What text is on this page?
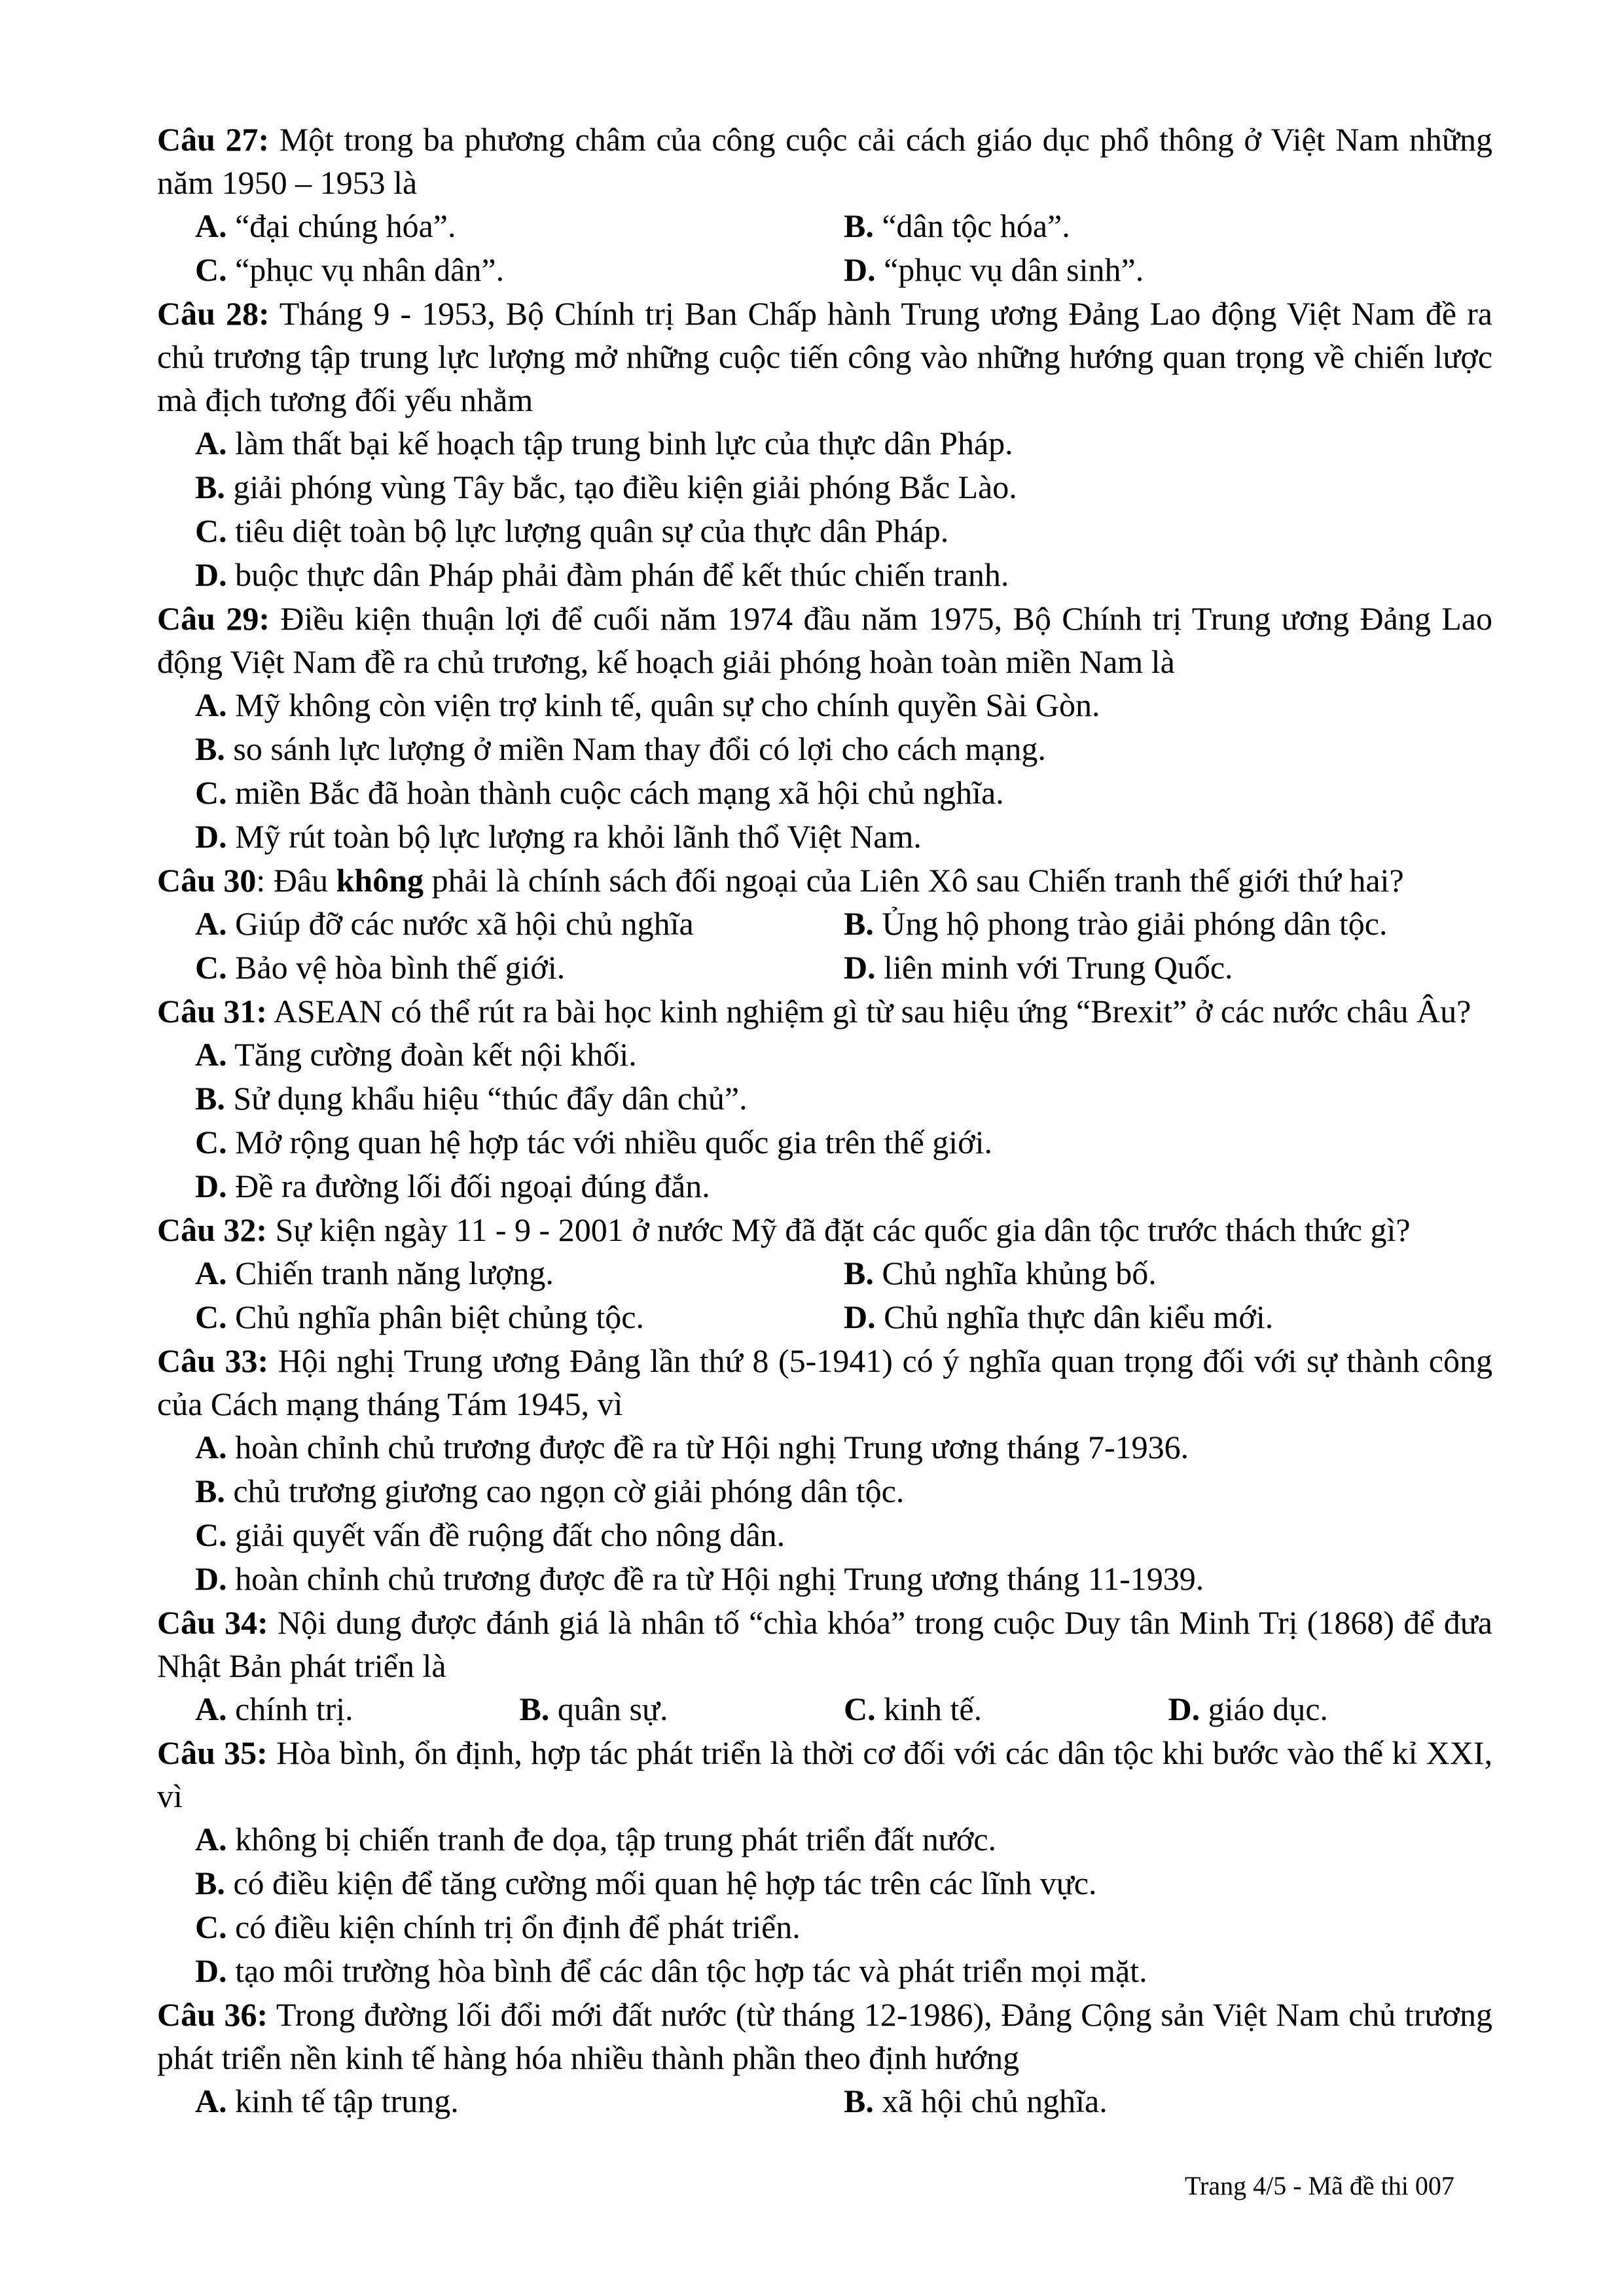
Câu 27: Một trong ba phương châm của công cuộc cải cách giáo dục phổ thông ở Việt Nam những năm 1950 – 1953 là
A. “đại chúng hóa”.	B. “dân tộc hóa”.
C. “phục vụ nhân dân”.	D. “phục vụ dân sinh”.
Câu 28: Tháng 9 - 1953, Bộ Chính trị Ban Chấp hành Trung ương Đảng Lao động Việt Nam đề ra chủ trương tập trung lực lượng mở những cuộc tiến công vào những hướng quan trọng về chiến lược mà địch tương đối yếu nhằm
A. làm thất bại kế hoạch tập trung binh lực của thực dân Pháp.
B. giải phóng vùng Tây bắc, tạo điều kiện giải phóng Bắc Lào.
C. tiêu diệt toàn bộ lực lượng quân sự của thực dân Pháp.
D. buộc thực dân Pháp phải đàm phán để kết thúc chiến tranh.
Câu 29: Điều kiện thuận lợi để cuối năm 1974 đầu năm 1975, Bộ Chính trị Trung ương Đảng Lao động Việt Nam đề ra chủ trương, kế hoạch giải phóng hoàn toàn miền Nam là
A. Mỹ không còn viện trợ kinh tế, quân sự cho chính quyền Sài Gòn.
B. so sánh lực lượng ở miền Nam thay đổi có lợi cho cách mạng.
C. miền Bắc đã hoàn thành cuộc cách mạng xã hội chủ nghĩa.
D. Mỹ rút toàn bộ lực lượng ra khỏi lãnh thổ Việt Nam.
Câu 30: Đâu không phải là chính sách đối ngoại của Liên Xô sau Chiến tranh thế giới thứ hai?
A. Giúp đỡ các nước xã hội chủ nghĩa	B. Ủng hộ phong trào giải phóng dân tộc.
C. Bảo vệ hòa bình thế giới.	D. liên minh với Trung Quốc.
Câu 31: ASEAN có thể rút ra bài học kinh nghiệm gì từ sau hiệu ứng “Brexit” ở các nước châu Âu?
A. Tăng cường đoàn kết nội khối.
B. Sử dụng khẩu hiệu “thúc đẩy dân chủ”.
C. Mở rộng quan hệ hợp tác với nhiều quốc gia trên thế giới.
D. Đề ra đường lối đối ngoại đúng đắn.
Câu 32: Sự kiện ngày 11 - 9 - 2001 ở nước Mỹ đã đặt các quốc gia dân tộc trước thách thức gì?
A. Chiến tranh năng lượng.	B. Chủ nghĩa khủng bố.
C. Chủ nghĩa phân biệt chủng tộc.	D. Chủ nghĩa thực dân kiểu mới.
Câu 33: Hội nghị Trung ương Đảng lần thứ 8 (5-1941) có ý nghĩa quan trọng đối với sự thành công của Cách mạng tháng Tám 1945, vì
A. hoàn chỉnh chủ trương được đề ra từ Hội nghị Trung ương tháng 7-1936.
B. chủ trương giương cao ngọn cờ giải phóng dân tộc.
C. giải quyết vấn đề ruộng đất cho nông dân.
D. hoàn chỉnh chủ trương được đề ra từ Hội nghị Trung ương tháng 11-1939.
Câu 34: Nội dung được đánh giá là nhân tố “chìa khóa” trong cuộc Duy tân Minh Trị (1868) để đưa Nhật Bản phát triển là
A. chính trị.	B. quân sự.	C. kinh tế.	D. giáo dục.
Câu 35: Hòa bình, ổn định, hợp tác phát triển là thời cơ đối với các dân tộc khi bước vào thế kỉ XXI, vì
A. không bị chiến tranh đe dọa, tập trung phát triển đất nước.
B. có điều kiện để tăng cường mối quan hệ hợp tác trên các lĩnh vực.
C. có điều kiện chính trị ổn định để phát triển.
D. tạo môi trường hòa bình để các dân tộc hợp tác và phát triển mọi mặt.
Câu 36: Trong đường lối đổi mới đất nước (từ tháng 12-1986), Đảng Cộng sản Việt Nam chủ trương phát triển nền kinh tế hàng hóa nhiều thành phần theo định hướng
A. kinh tế tập trung.	B. xã hội chủ nghĩa.
Trang 4/5 - Mã đề thi 007
